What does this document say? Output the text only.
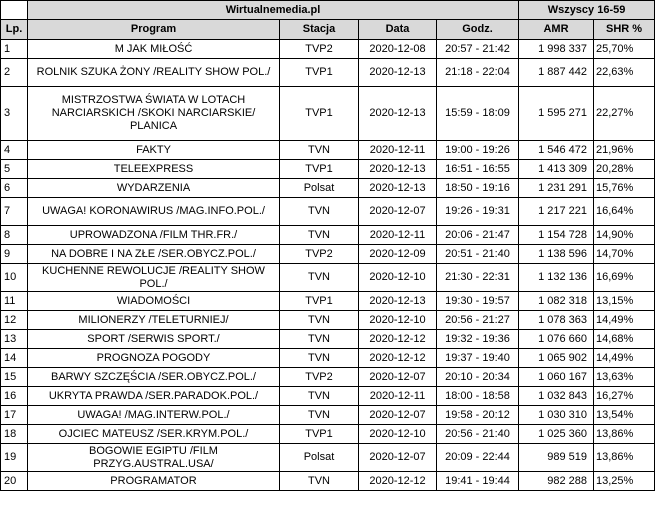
	Wirtualnemedia.pl				Wszyscy 16-59	
Lp.	Program	Stacja	Data	Godz.	AMR	SHR %
1	M JAK MIŁOŚĆ	TVP2	2020-12-08	20:57 - 21:42	1 998 337	25,70%
2	ROLNIK SZUKA ŻONY /REALITY SHOW POL./	TVP1	2020-12-13	21:18 - 22:04	1 887 442	22,63%
3	MISTRZOSTWA ŚWIATA W LOTACH NARCIARSKICH /SKOKI NARCIARSKIE/ PLANICA	TVP1	2020-12-13	15:59 - 18:09	1 595 271	22,27%
4	FAKTY	TVN	2020-12-11	19:00 - 19:26	1 546 472	21,96%
5	TELEEXPRESS	TVP1	2020-12-13	16:51 - 16:55	1 413 309	20,28%
6	WYDARZENIA	Polsat	2020-12-13	18:50 - 19:16	1 231 291	15,76%
7	UWAGA! KORONAWIRUS /MAG.INFO.POL./	TVN	2020-12-07	19:26 - 19:31	1 217 221	16,64%
8	UPROWADZONA /FILM THR.FR./	TVN	2020-12-11	20:06 - 21:47	1 154 728	14,90%
9	NA DOBRE I NA ZŁE /SER.OBYCZ.POL./	TVP2	2020-12-09	20:51 - 21:40	1 138 596	14,70%
10	KUCHENNE REWOLUCJE /REALITY SHOW POL./	TVN	2020-12-10	21:30 - 22:31	1 132 136	16,69%
11	WIADOMOŚCI	TVP1	2020-12-13	19:30 - 19:57	1 082 318	13,15%
12	MILIONERZY /TELETURNIEJ/	TVN	2020-12-10	20:56 - 21:27	1 078 363	14,49%
13	SPORT /SERWIS SPORT./	TVN	2020-12-12	19:32 - 19:36	1 076 660	14,68%
14	PROGNOZA POGODY	TVN	2020-12-12	19:37 - 19:40	1 065 902	14,49%
15	BARWY SZCZĘŚCIA /SER.OBYCZ.POL./	TVP2	2020-12-07	20:10 - 20:34	1 060 167	13,63%
16	UKRYTA PRAWDA /SER.PARADOK.POL./	TVN	2020-12-11	18:00 - 18:58	1 032 843	16,27%
17	UWAGA! /MAG.INTERW.POL./	TVN	2020-12-07	19:58 - 20:12	1 030 310	13,54%
18	OJCIEC MATEUSZ /SER.KRYM.POL./	TVP1	2020-12-10	20:56 - 21:40	1 025 360	13,86%
19	BOGOWIE EGIPTU /FILM PRZYG.AUSTRAL.USA/	Polsat	2020-12-07	20:09 - 22:44	989 519	13,86%
20	PROGRAMATOR	TVN	2020-12-12	19:41 - 19:44	982 288	13,25%
